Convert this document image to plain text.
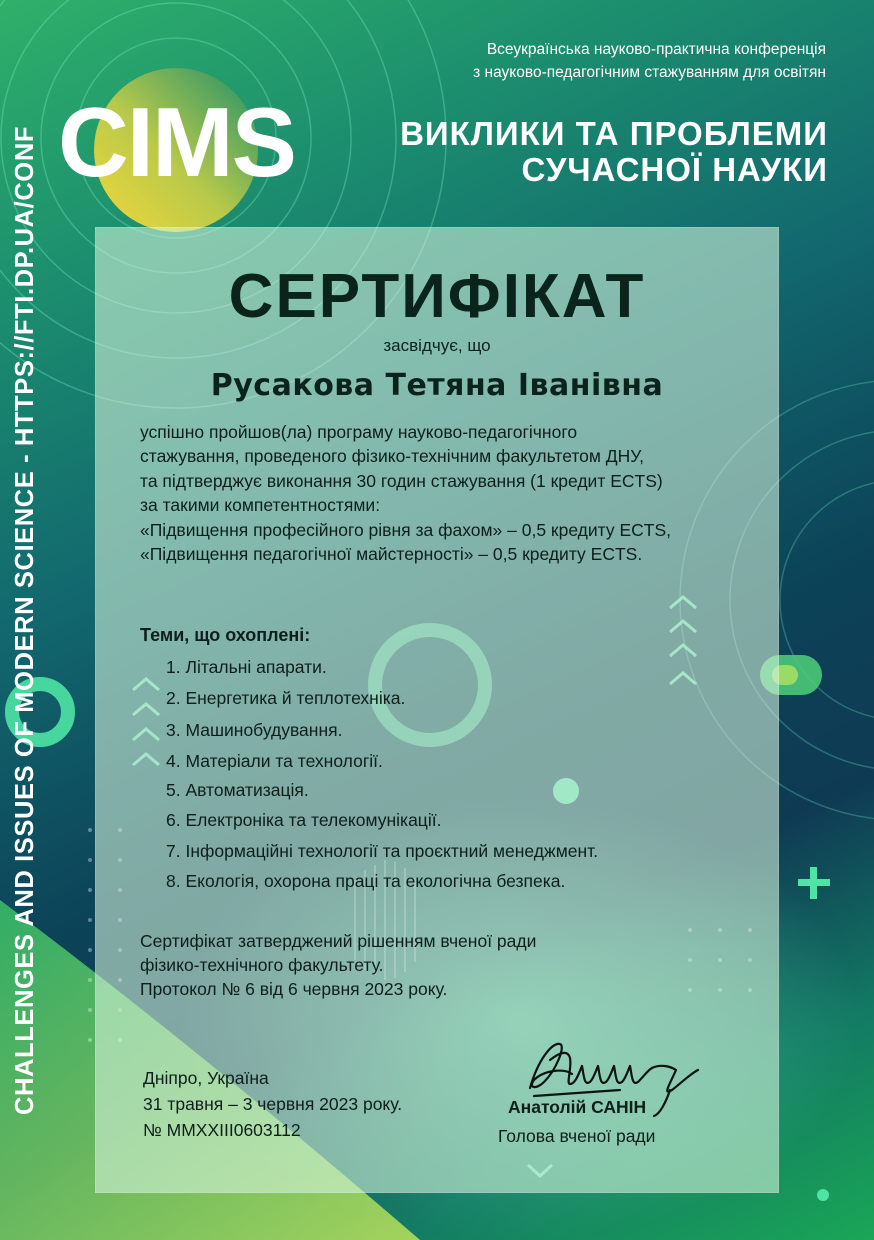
CHALLENGES AND ISSUES OF MODERN SCIENCE - HTTPS://FTI.DP.UA/CONF
Всеукраїнська науково-практична конференція
з науково-педагогічним стажуванням для освітян
CIMS	ВИКЛИКИ ТА ПРОБЛЕМИ
СУЧАСНОЇ НАУКИ
СЕРТИФІКАТ
засвідчує, що
Русакова Тетяна Іванівна
успішно пройшов(ла) програму науково-педагогічного
стажування, проведеного фізико-технічним факультетом ДНУ,
та підтверджує виконання 30 годин стажування (1 кредит ECTS)
за такими компетентностями:
«Підвищення професійного рівня за фахом» – 0,5 кредиту ECTS,
«Підвищення педагогічної майстерності» – 0,5 кредиту ECTS.
Теми, що охоплені:
1. Літальні апарати.
2. Енергетика й теплотехніка.
3. Машинобудування.
4. Матеріали та технології.
5. Автоматизація.
6. Електроніка та телекомунікації.
7. Інформаційні технології та проєктний менеджмент.
8. Екологія, охорона праці та екологічна безпека.
Сертифікат затверджений рішенням вченої ради
фізико-технічного факультету.
Протокол № 6 від 6 червня 2023 року.
Дніпро, Україна
31 травня – 3 червня 2023 року.
№ MMXXIII0603112
Анатолій САНІН
Голова вченої ради
